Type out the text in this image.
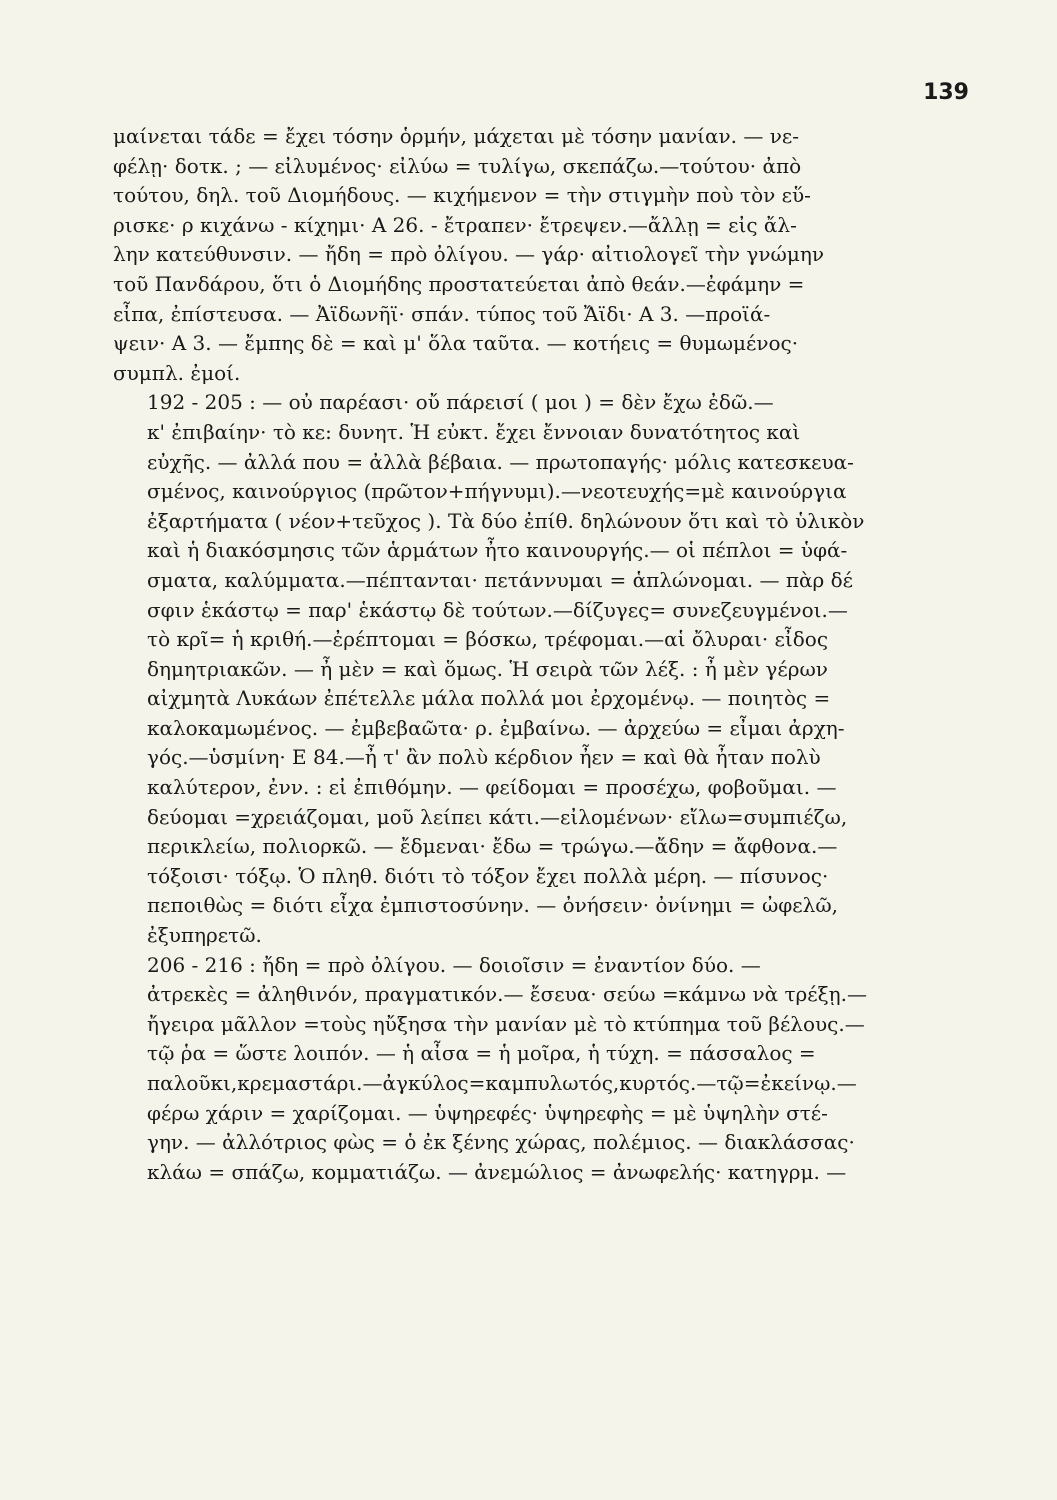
139

μαίνεται τάδε = ἔχει τόσην ὁρμήν, μάχεται μὲ τόσην μανίαν. — νε-
φέλῃ· δοτκ. ; — εἰλυμένος· εἰλύω = τυλίγω, σκεπάζω.—τούτου· ἀπὸ
τούτου, δηλ. τοῦ Διομήδους. — κιχήμενον = τὴν στιγμὴν ποὺ τὸν εὕ-
ρισκε· ρ κιχάνω - κίχημι· Α 26. - ἔτραπεν· ἔτρεψεν.—ἄλλῃ = εἰς ἄλ-
λην κατεύθυνσιν. — ἤδη = πρὸ ὀλίγου. — γάρ· αἰτιολογεῖ τὴν γνώμην
τοῦ Πανδάρου, ὅτι ὁ Διομήδης προστατεύεται ἀπὸ θεάν.—ἐφάμην =
εἶπα, ἐπίστευσα. — Ἀϊδωνῆϊ· σπάν. τύπος τοῦ Ἄϊδι· Α 3. —προϊά-
ψειν· Α 3. — ἔμπης δὲ = καὶ μ' ὅλα ταῦτα. — κοτήεις = θυμωμένος·
συμπλ. ἐμοί.

192 - 205 : — οὐ παρέασι· οὔ πάρεισί ( μοι ) = δὲν ἔχω ἐδῶ.—
κ' ἐπιβαίην· τὸ κε: δυνητ. Ἡ εὐκτ. ἔχει ἔννοιαν δυνατότητος καὶ
εὐχῆς. — ἀλλά που = ἀλλὰ βέβαια. — πρωτοπαγής· μόλις κατεσκευα-
σμένος, καινούργιος (πρῶτον+πήγνυμι).—νεοτευχής=μὲ καινούργια
ἐξαρτήματα ( νέον+τεῦχος ). Τὰ δύο ἐπίθ. δηλώνουν ὅτι καὶ τὸ ὑλικὸν
καὶ ἡ διακόσμησις τῶν ἁρμάτων ἦτο καινουργής.— οἱ πέπλοι = ὑφά-
σματα, καλύμματα.—πέπτανται· πετάννυμαι = ἁπλώνομαι. — πὰρ δέ
σφιν ἑκάστῳ = παρ' ἑκάστῳ δὲ τούτων.—δίζυγες= συνεζευγμένοι.—
τὸ κρῖ= ἡ κριθή.—ἐρέπτομαι = βόσκω, τρέφομαι.—αἱ ὄλυραι· εἶδος
δημητριακῶν. — ἦ μὲν = καὶ ὅμως. Ἡ σειρὰ τῶν λέξ. : ἦ μὲν γέρων
αἰχμητὰ Λυκάων ἐπέτελλε μάλα πολλά μοι ἐρχομένῳ. — ποιητὸς =
καλοκαμωμένος. — ἐμβεβαῶτα· ρ. ἐμβαίνω. — ἀρχεύω = εἶμαι ἀρχη-
γός.—ὑσμίνη· Ε 84.—ἦ τ' ἂν πολὺ κέρδιον ἦεν = καὶ θὰ ἦταν πολὺ
καλύτερον, ἐνν. : εἰ ἐπιθόμην. — φείδομαι = προσέχω, φοβοῦμαι. —
δεύομαι =χρειάζομαι, μοῦ λείπει κάτι.—εἰλομένων· εἴλω=συμπιέζω,
περικλείω, πολιορκῶ. — ἔδμεναι· ἔδω = τρώγω.—ἄδην = ἄφθονα.—
τόξοισι· τόξῳ. Ὁ πληθ. διότι τὸ τόξον ἔχει πολλὰ μέρη. — πίσυνος·
πεποιθὼς = διότι εἶχα ἐμπιστοσύνην. — ὀνήσειν· ὀνίνημι = ὠφελῶ,
ἐξυπηρετῶ.

206 - 216 : ἤδη = πρὸ ὀλίγου. — δοιοῖσιν = ἐναντίον δύο. —
ἀτρεκὲς = ἀληθινόν, πραγματικόν.— ἔσευα· σεύω =κάμνω νὰ τρέξῃ.—
ἤγειρα μᾶλλον =τοὺς ηὔξησα τὴν μανίαν μὲ τὸ κτύπημα τοῦ βέλους.—
τῷ ῥα = ὥστε λοιπόν. — ἡ αἶσα = ἡ μοῖρα, ἡ τύχη. = πάσσαλος =
παλοῦκι,κρεμαστάρι.—ἀγκύλος=καμπυλωτός,κυρτός.—τῷ=ἐκείνῳ.—
φέρω χάριν = χαρίζομαι. — ὑψηρεφές· ὑψηρεφὴς = μὲ ὑψηλὴν στέ-
γην. — ἀλλότριος φὼς = ὁ ἐκ ξένης χώρας, πολέμιος. — διακλάσσας·
κλάω = σπάζω, κομματιάζω. — ἀνεμώλιος = ἀνωφελής· κατηγρμ. —
